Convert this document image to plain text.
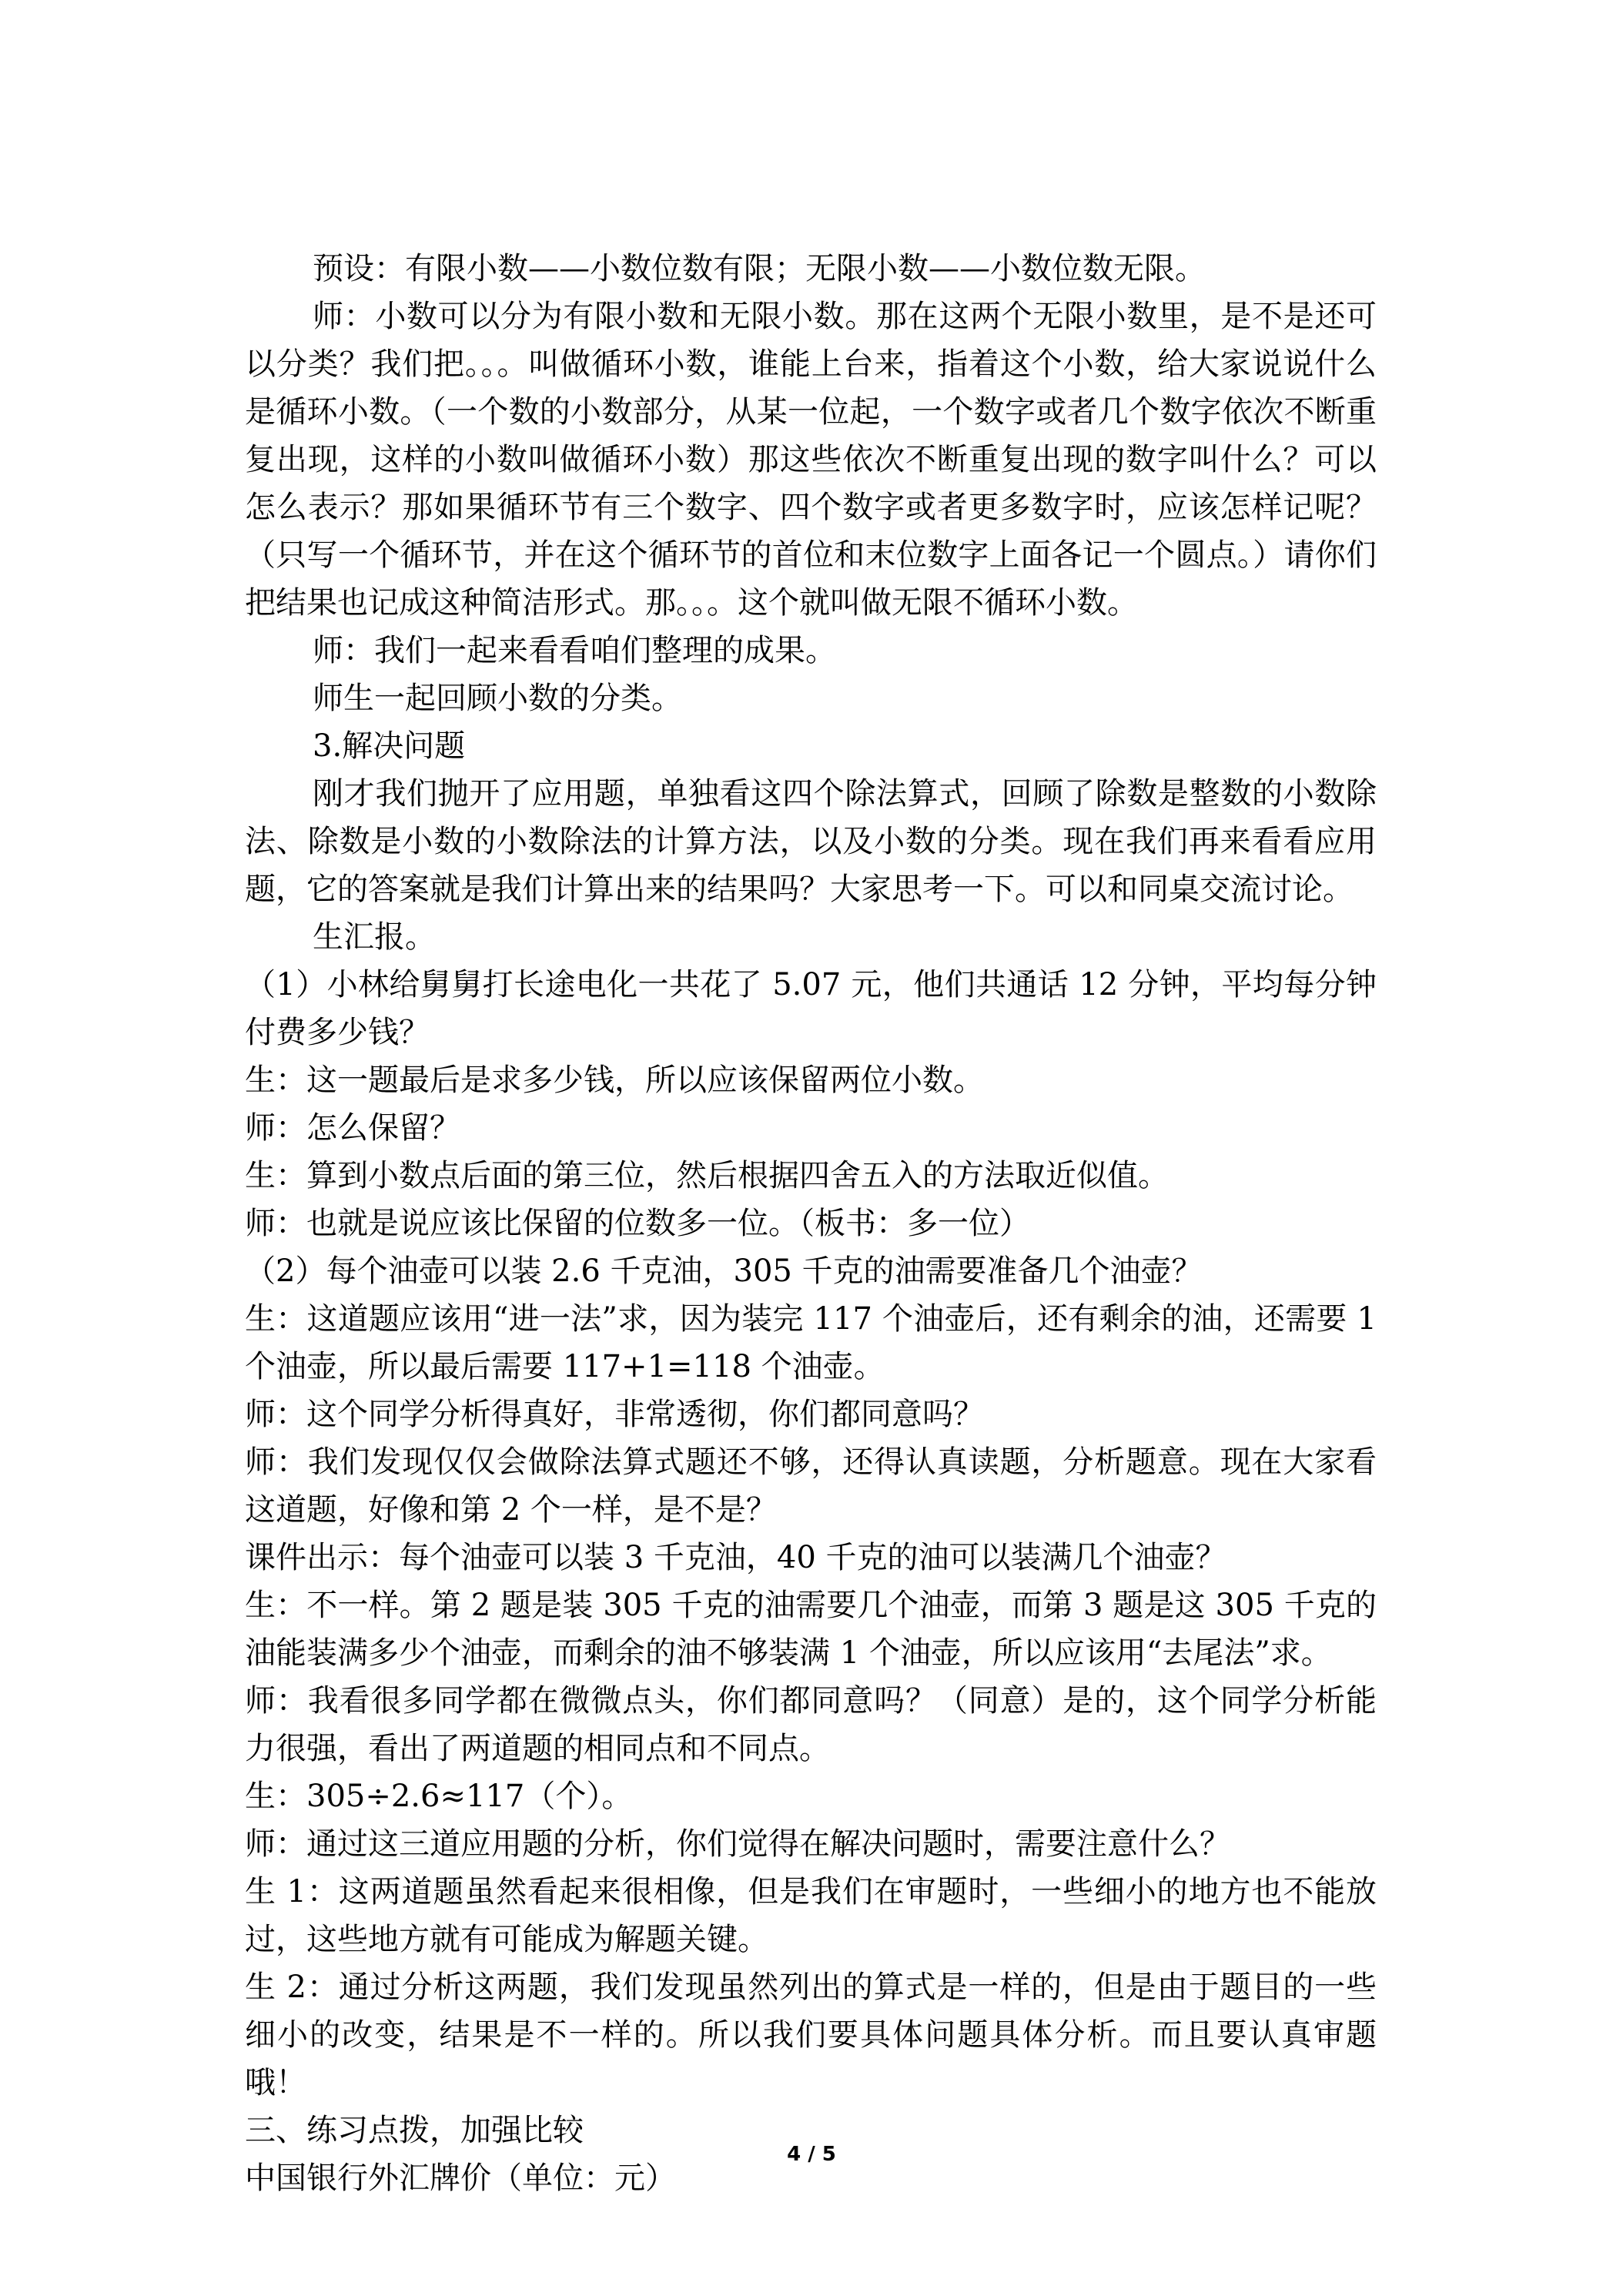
预设：有限小数——小数位数有限；无限小数——小数位数无限。

师：小数可以分为有限小数和无限小数。那在这两个无限小数里，是不是还可以分类？我们把。。。叫做循环小数，谁能上台来，指着这个小数，给大家说说什么是循环小数。（一个数的小数部分，从某一位起，一个数字或者几个数字依次不断重复出现，这样的小数叫做循环小数）那这些依次不断重复出现的数字叫什么？可以怎么表示？那如果循环节有三个数字、四个数字或者更多数字时，应该怎样记呢？（只写一个循环节，并在这个循环节的首位和末位数字上面各记一个圆点。）请你们把结果也记成这种简洁形式。那。。。这个就叫做无限不循环小数。

师：我们一起来看看咱们整理的成果。

师生一起回顾小数的分类。

3.解决问题

刚才我们抛开了应用题，单独看这四个除法算式，回顾了除数是整数的小数除法、除数是小数的小数除法的计算方法，以及小数的分类。现在我们再来看看应用题，它的答案就是我们计算出来的结果吗？大家思考一下。可以和同桌交流讨论。

生汇报。

（1）小林给舅舅打长途电化一共花了 5.07 元，他们共通话 12 分钟，平均每分钟付费多少钱？

生：这一题最后是求多少钱，所以应该保留两位小数。

师：怎么保留？

生：算到小数点后面的第三位，然后根据四舍五入的方法取近似值。

师：也就是说应该比保留的位数多一位。（板书：多一位）

（2）每个油壶可以装 2.6 千克油，305 千克的油需要准备几个油壶？

生：这道题应该用“进一法”求，因为装完 117 个油壶后，还有剩余的油，还需要 1 个油壶，所以最后需要 117+1=118 个油壶。

师：这个同学分析得真好，非常透彻，你们都同意吗？

师：我们发现仅仅会做除法算式题还不够，还得认真读题，分析题意。现在大家看这道题，好像和第 2 个一样，是不是？

课件出示：每个油壶可以装 3 千克油，40 千克的油可以装满几个油壶？

生：不一样。第 2 题是装 305 千克的油需要几个油壶，而第 3 题是这 305 千克的油能装满多少个油壶，而剩余的油不够装满 1 个油壶，所以应该用“去尾法”求。

师：我看很多同学都在微微点头，你们都同意吗？（同意）是的，这个同学分析能力很强，看出了两道题的相同点和不同点。

生：305÷2.6≈117（个）。

师：通过这三道应用题的分析，你们觉得在解决问题时，需要注意什么？

生 1：这两道题虽然看起来很相像，但是我们在审题时，一些细小的地方也不能放过，这些地方就有可能成为解题关键。

生 2：通过分析这两题，我们发现虽然列出的算式是一样的，但是由于题目的一些细小的改变，结果是不一样的。所以我们要具体问题具体分析。而且要认真审题哦！

三、练习点拨，加强比较

中国银行外汇牌价（单位：元）

4 / 5
